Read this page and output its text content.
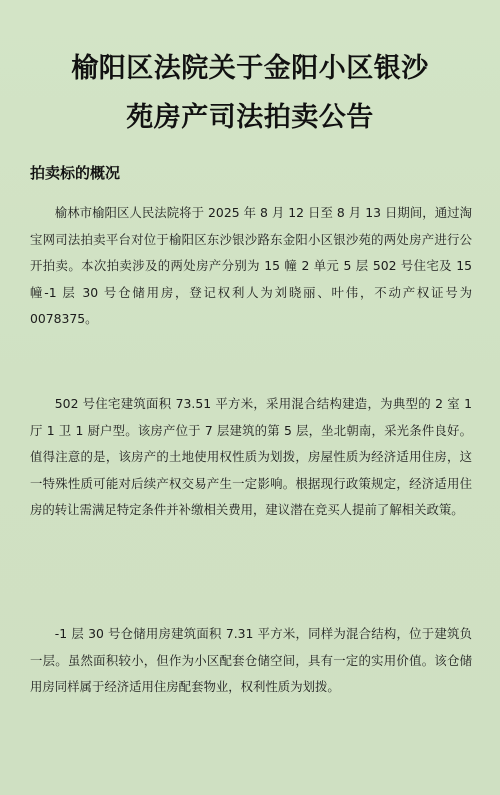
榆阳区法院关于金阳小区银沙
苑房产司法拍卖公告
拍卖标的概况

榆林市榆阳区人民法院将于 2025 年 8 月 12 日至 8 月 13 日期间，通过淘宝网司法拍卖平台对位于榆阳区东沙银沙路东金阳小区银沙苑的两处房产进行公开拍卖。本次拍卖涉及的两处房产分别为 15 幢 2 单元 5 层 502 号住宅及 15 幢-1 层 30 号仓储用房，登记权利人为刘晓丽、叶伟，不动产权证号为 0078375。

502 号住宅建筑面积 73.51 平方米，采用混合结构建造，为典型的 2 室 1 厅 1 卫 1 厨户型。该房产位于 7 层建筑的第 5 层，坐北朝南，采光条件良好。值得注意的是，该房产的土地使用权性质为划拨，房屋性质为经济适用住房，这一特殊性质可能对后续产权交易产生一定影响。根据现行政策规定，经济适用住房的转让需满足特定条件并补缴相关费用，建议潜在竞买人提前了解相关政策。

-1 层 30 号仓储用房建筑面积 7.31 平方米，同样为混合结构，位于建筑负一层。虽然面积较小，但作为小区配套仓储空间，具有一定的实用价值。该仓储用房同样属于经济适用住房配套物业，权利性质为划拨。
